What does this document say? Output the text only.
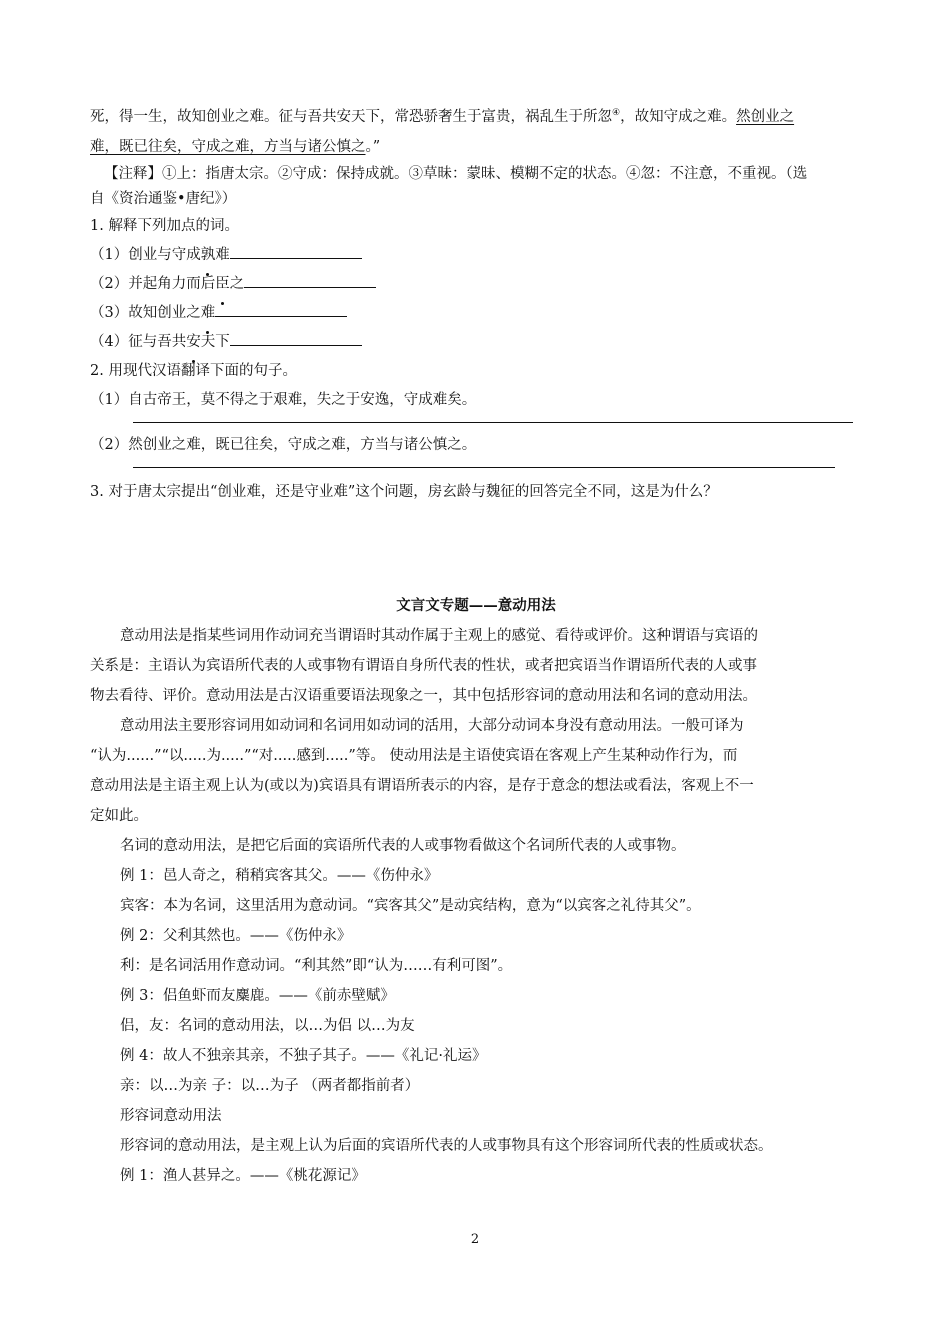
死，得一生，故知创业之难。征与吾共安天下，常恐骄奢生于富贵，祸乱生于所忽④，故知守成之难。然创业之

难，既已往矣，守成之难，方当与诸公慎之。”

【注释】①上：指唐太宗。②守成：保持成就。③草昧：蒙昧、模糊不定的状态。④忽：不注意，不重视。（选

自《资治通鉴•唐纪》）

1. 解释下列加点的词。

（1）创业与守成孰难

（2）并起角力而后臣之

（3）故知创业之难

（4）征与吾共安天下

2. 用现代汉语翻译下面的句子。

（1）自古帝王，莫不得之于艰难，失之于安逸，守成难矣。

（2）然创业之难，既已往矣，守成之难，方当与诸公慎之。

3. 对于唐太宗提出“创业难，还是守业难”这个问题，房玄龄与魏征的回答完全不同，这是为什么？

文言文专题——意动用法

意动用法是指某些词用作动词充当谓语时其动作属于主观上的感觉、看待或评价。这种谓语与宾语的

关系是：主语认为宾语所代表的人或事物有谓语自身所代表的性状，或者把宾语当作谓语所代表的人或事

物去看待、评价。意动用法是古汉语重要语法现象之一，其中包括形容词的意动用法和名词的意动用法。

意动用法主要形容词用如动词和名词用如动词的活用，大部分动词本身没有意动用法。一般可译为

“认为......”“以.....为.....”“对.....感到.....”等。 使动用法是主语使宾语在客观上产生某种动作行为，而

意动用法是主语主观上认为(或以为)宾语具有谓语所表示的内容，是存于意念的想法或看法，客观上不一

定如此。

名词的意动用法，是把它后面的宾语所代表的人或事物看做这个名词所代表的人或事物。

例 1：邑人奇之，稍稍宾客其父。——《伤仲永》

宾客：本为名词，这里活用为意动词。“宾客其父”是动宾结构，意为“以宾客之礼待其父”。

例 2：父利其然也。——《伤仲永》

利：是名词活用作意动词。“利其然”即“认为……有利可图”。

例 3：侣鱼虾而友麋鹿。——《前赤壁赋》

侣，友：名词的意动用法，以…为侣 以…为友

例 4：故人不独亲其亲，不独子其子。——《礼记·礼运》

亲：以…为亲 子：以…为子 （两者都指前者）

形容词意动用法

形容词的意动用法，是主观上认为后面的宾语所代表的人或事物具有这个形容词所代表的性质或状态。

例 1：渔人甚异之。——《桃花源记》

2
